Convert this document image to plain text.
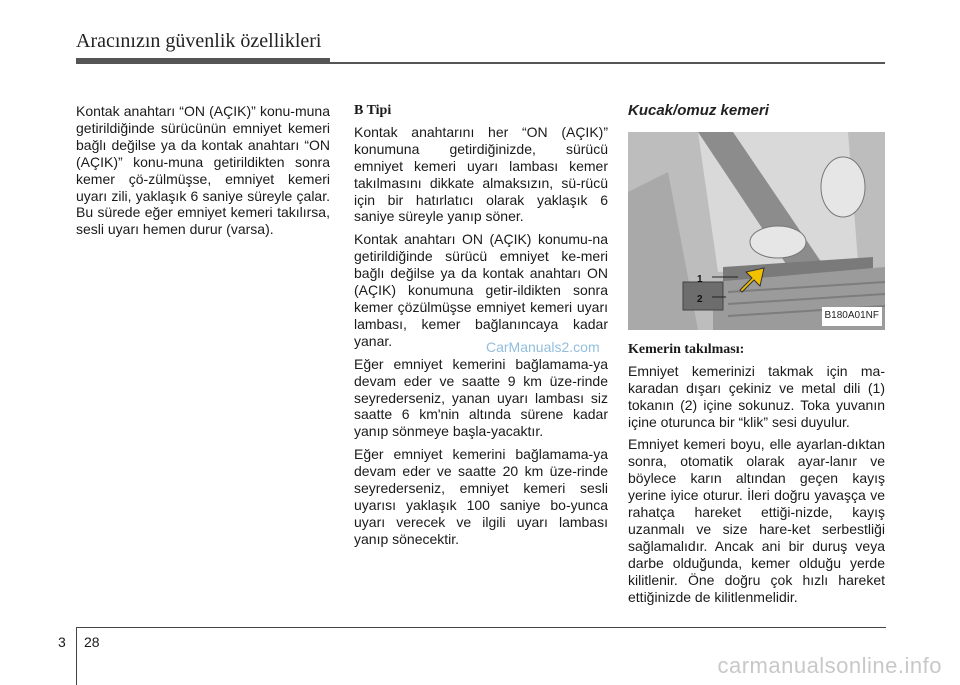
Aracınızın güvenlik özellikleri

Kontak anahtarı “ON (AÇIK)” konu-muna getirildiğinde sürücünün emniyet kemeri bağlı değilse ya da kontak anahtarı “ON (AÇIK)” konu-muna getirildikten sonra kemer çö-zülmüşse, emniyet kemeri uyarı zili, yaklaşık 6 saniye süreyle çalar. Bu sürede eğer emniyet kemeri takılırsa, sesli uyarı hemen durur (varsa).

B Tipi

Kontak anahtarını her “ON (AÇIK)” konumuna getirdiğinizde, sürücü emniyet kemeri uyarı lambası kemer takılmasını dikkate almaksızın, sü-rücü için bir hatırlatıcı olarak yaklaşık 6 saniye süreyle yanıp söner.

Kontak anahtarı ON (AÇIK) konumu-na getirildiğinde sürücü emniyet ke-meri bağlı değilse ya da kontak anahtarı ON (AÇIK) konumuna getir-ildikten sonra kemer çözülmüşse emniyet kemeri uyarı lambası, kemer bağlanıncaya kadar yanar.

Eğer emniyet kemerini bağlamama-ya devam eder ve saatte 9 km üze-rinde seyrederseniz, yanan uyarı lambası siz saatte 6 km'nin altında sürene kadar yanıp sönmeye başla-yacaktır.

Eğer emniyet kemerini bağlamama-ya devam eder ve saatte 20 km üze-rinde seyrederseniz, emniyet kemeri sesli uyarısı yaklaşık 100 saniye bo-yunca uyarı verecek ve ilgili uyarı lambası yanıp sönecektir.

Kucak/omuz kemeri
1
2
B180A01NF
Kemerin takılması:

Emniyet kemerinizi takmak için ma-karadan dışarı çekiniz ve metal dili (1) tokanın (2) içine sokunuz. Toka yuvanın içine oturunca bir “klik” sesi duyulur.

Emniyet kemeri boyu, elle ayarlan-dıktan sonra, otomatik olarak ayar-lanır ve böylece karın altından geçen kayış yerine iyice oturur. İleri doğru yavaşça ve rahatça hareket ettiği-nizde, kayış uzanmalı ve size hare-ket serbestliği sağlamalıdır. Ancak ani bir duruş veya darbe olduğunda, kemer olduğu yerde kilitlenir. Öne doğru çok hızlı hareket ettiğinizde de kilitlenmelidir.

CarManuals2.com
3 28
carmanualsonline.info
